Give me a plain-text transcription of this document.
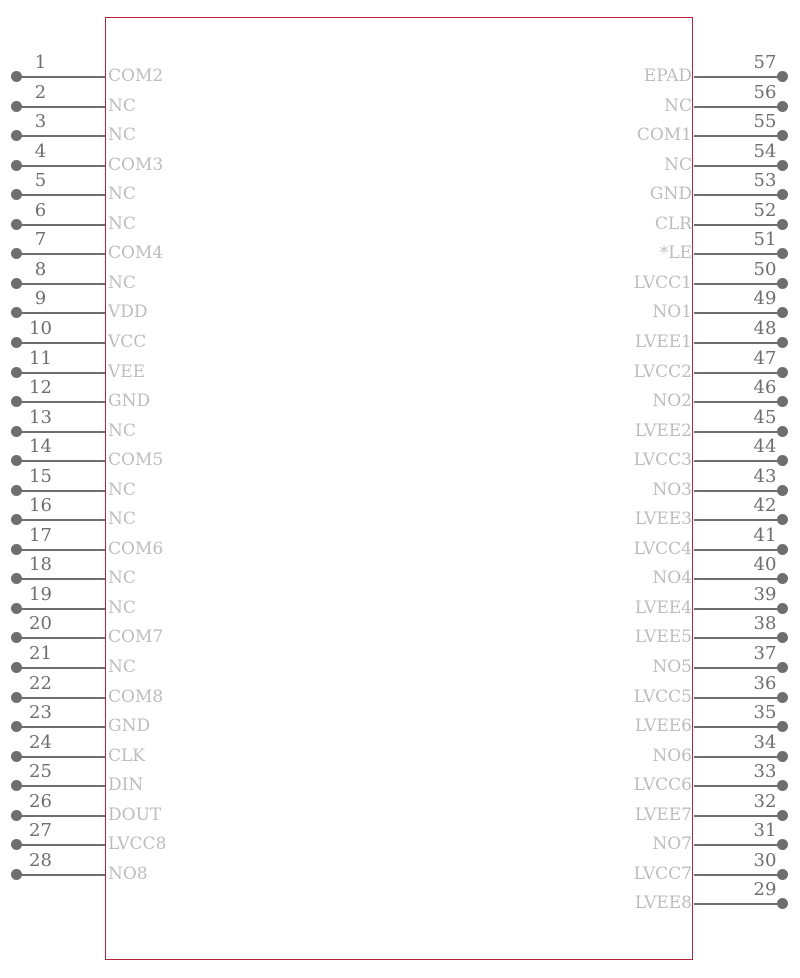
1
COM2
2
NC
3
NC
4
COM3
5
NC
6
NC
7
COM4
8
NC
9
VDD
10
VCC
11
VEE
12
GND
13
NC
14
COM5
15
NC
16
NC
17
COM6
18
NC
19
NC
20
COM7
21
NC
22
COM8
23
GND
24
CLK
25
DIN
26
DOUT
27
LVCC8
28
NO8
57
EPAD
56
NC
55
COM1
54
NC
53
GND
52
CLR
51
*LE
50
LVCC1
49
NO1
48
LVEE1
47
LVCC2
46
NO2
45
LVEE2
44
LVCC3
43
NO3
42
LVEE3
41
LVCC4
40
NO4
39
LVEE4
38
LVEE5
37
NO5
36
LVCC5
35
LVEE6
34
NO6
33
LVCC6
32
LVEE7
31
NO7
30
LVCC7
29
LVEE8
